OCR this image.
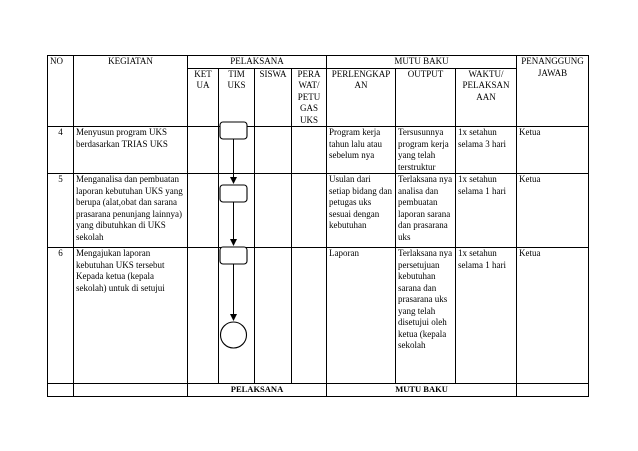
NO	KEGIATAN	PELAKSANA				MUTU BAKU			PENANGGUNG JAWAB
		KET UA	TIM UKS	SISWA	PERA WAT/ PETU GAS UKS	PERLENGKAP AN	OUTPUT	WAKTU/ PELAKSAN AAN	
4	Menyusun program UKS berdasarkan TRIAS UKS					Program kerja tahun lalu atau sebelum nya	Tersusunnya program kerja yang telah terstruktur	1x setahun selama 3 hari	Ketua
5	Menganalisa dan pembuatan laporan kebutuhan UKS yang berupa (alat,obat dan sarana prasarana penunjang lainnya) yang dibutuhkan di UKS sekolah					Usulan dari setiap bidang dan petugas uks sesuai dengan kebutuhan	Terlaksana nya analisa dan pembuatan laporan sarana dan prasarana uks	1x setahun selama 1 hari	Ketua
6	Mengajukan laporan kebutuhan UKS tersebut Kepada ketua (kepala sekolah) untuk di setujui					Laporan	Terlaksana nya persetujuan kebutuhan sarana dan prasarana uks yang telah disetujui oleh ketua (kepala sekolah	1x setahun selama 1 hari	Ketua
		PELAKSANA				MUTU BAKU			
